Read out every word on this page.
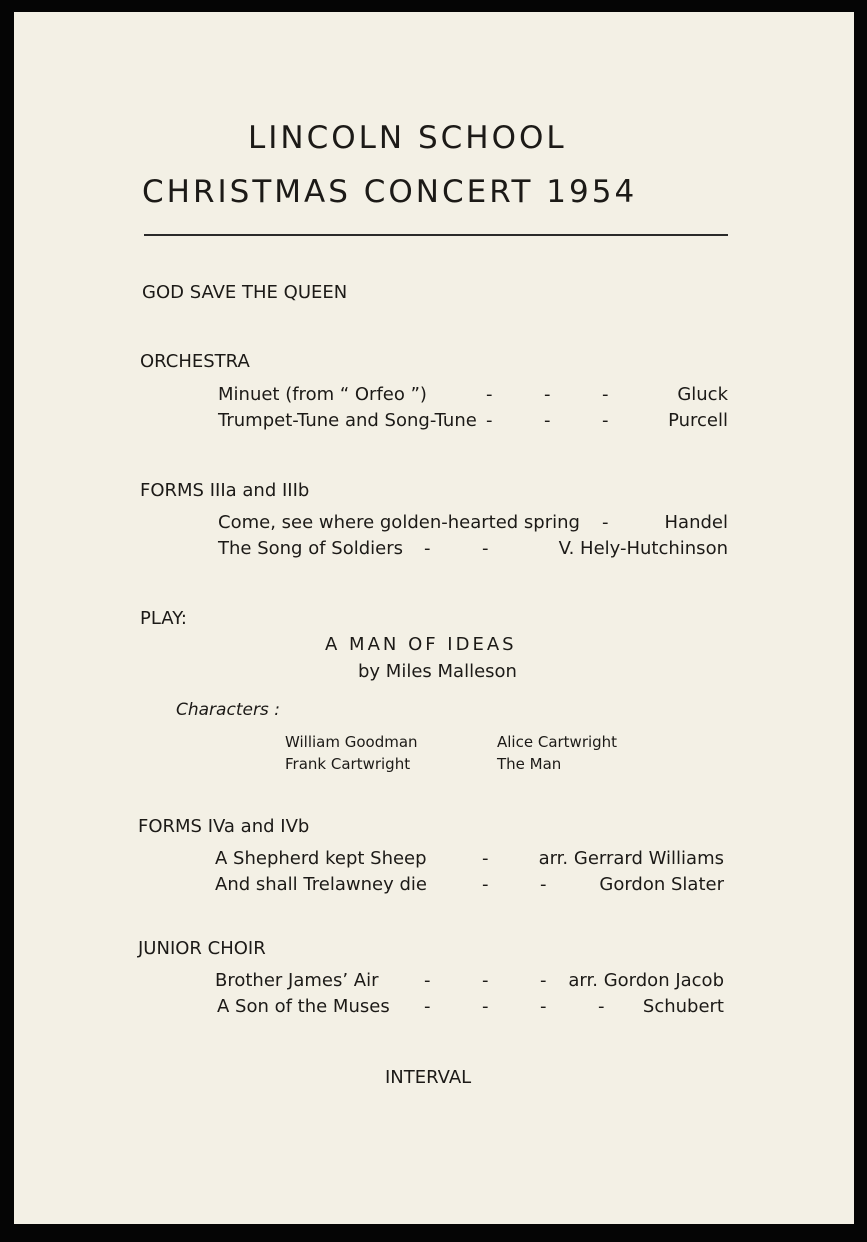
LINCOLN SCHOOL
CHRISTMAS CONCERT 1954
GOD SAVE THE QUEEN
ORCHESTRA
Minuet (from “ Orfeo ”)	-	-	-	Gluck
Trumpet-Tune and Song-Tune -	-	-	Purcell
FORMS IIIa and IIIb
Come, see where golden-hearted spring -	Handel
The Song of Soldiers -	-	V. Hely-Hutchinson
PLAY:
A MAN OF IDEAS
by Miles Malleson
Characters :
William Goodman	Alice Cartwright
Frank Cartwright	The Man
FORMS IVa and IVb
A Shepherd kept Sheep	-	arr. Gerrard Williams
And shall Trelawney die	-	-	Gordon Slater
JUNIOR CHOIR
Brother James’ Air	-	-	- arr. Gordon Jacob
A Son of the Muses -	-	-	- Schubert
INTERVAL
